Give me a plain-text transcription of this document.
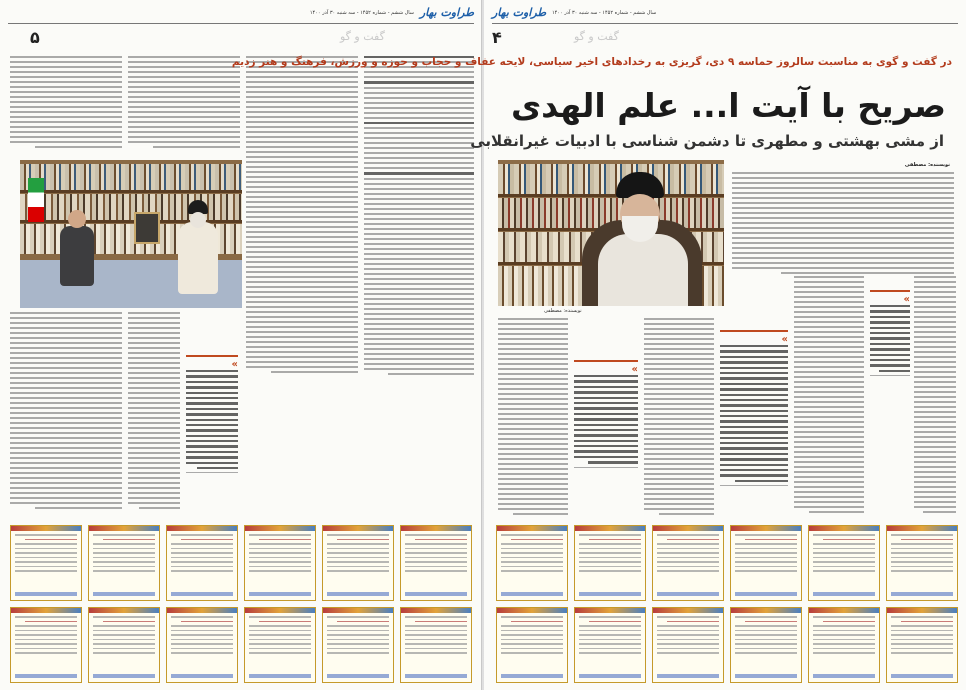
سال ششم - شماره ۱۴۵۲ - سه شنبه ۳۰ آذر ۱۴۰۰ طراوت بهار
۵	گفت و گو
«
طراوت بهار سال ششم - شماره ۱۴۵۲ - سه شنبه ۳۰ آذر ۱۴۰۰
۴	گفت و گو
در گفت و گوی به مناسبت سالروز حماسه ۹ دی، گریزی به رخدادهای اخیر سیاسی، لایحه عفاف و حجاب و حوزه و ورزش، فرهنگ و هنر زدیم
صریح با آیت ا... علم الهدی
از مشی بهشتی و مطهری تا دشمن شناسی با ادبیات غیرانقلابی
نویسنده: مصطفی
نویسنده: مصطفی
«
«
«
